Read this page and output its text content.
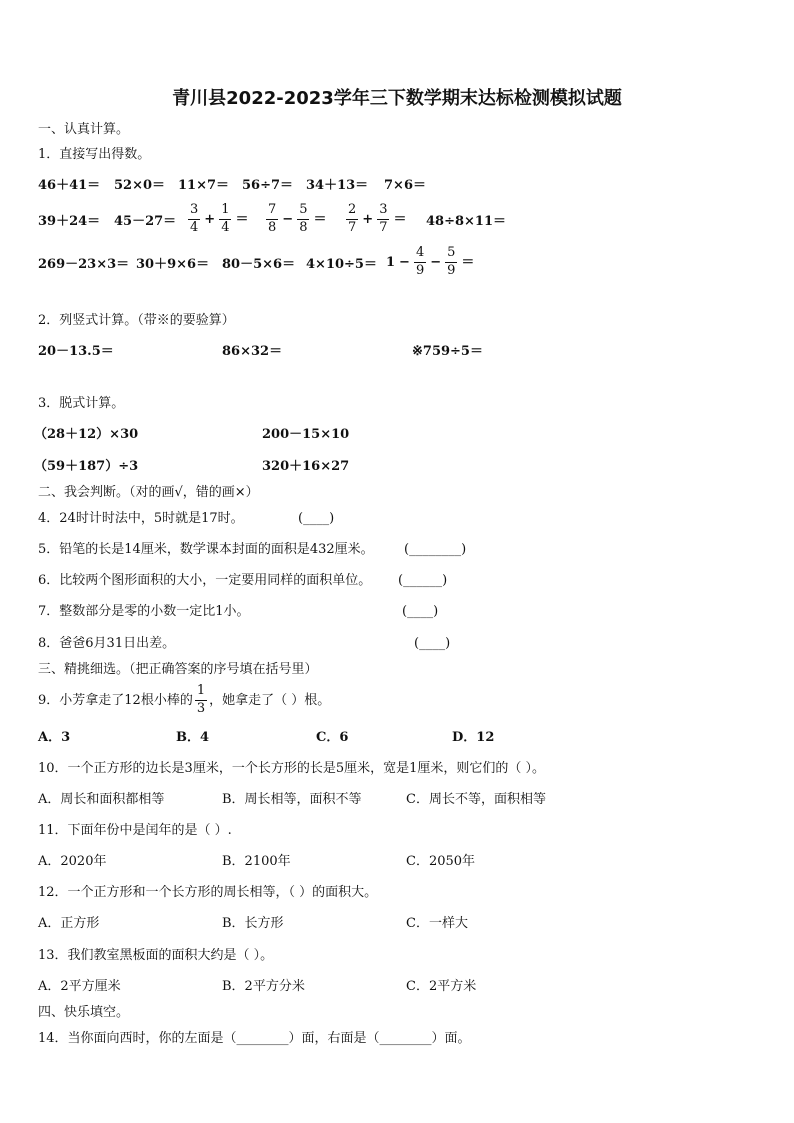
青川县2022-2023学年三下数学期末达标检测模拟试题
一、认真计算。
1．直接写出得数。
46＋41＝ 52×0＝ 11×7＝ 56÷7＝ 34＋13＝ 7×6＝
$39+24= 45-27= \frac{3}{4} + \frac{1}{4} = \frac{7}{8} - \frac{5}{8} = \frac{2}{7} + \frac{3}{7} = 48\div 8\times 11=$
$269-23\times 3= 30+9\times 6= 80-5\times 6= 4\times 10\div 5= 1 - \frac{4}{9} - \frac{5}{9}$ ＝
2．列竖式计算。（带※的要验算）
20－13.5＝	86×32＝	※759÷5＝
3．脱式计算。
（28＋12）×30	200－15×10
（59＋187）÷3	320＋16×27
二、我会判断。（对的画√，错的画×）
4．24时计时法中，5时就是17时。	(____)
5．铅笔的长是14厘米，数学课本封面的面积是432厘米。 (________)
6．比较两个图形面积的大小，一定要用同样的面积单位。 (______)
7．整数部分是零的小数一定比1小。	(____)
8．爸爸6月31日出差。	(____)
三、精挑细选。（把正确答案的序号填在括号里）
9．小芳拿走了12根小棒的 $\frac{1}{3}$ ，她拿走了（ ）根。
A．3	B．4	C．6	D．12
10．一个正方形的边长是3厘米，一个长方形的长是5厘米，宽是1厘米，则它们的（ ）。
A．周长和面积都相等	B．周长相等，面积不等	C．周长不等，面积相等
11．下面年份中是闰年的是（ ）.
A．2020年	B．2100年	C．2050年
12．一个正方形和一个长方形的周长相等，（ ）的面积大。
A．正方形	B．长方形	C．一样大
13．我们教室黑板面的面积大约是（ ）。
A．2平方厘米	B．2平方分米	C．2平方米
四、快乐填空。
14．当你面向西时，你的左面是（________）面，右面是（________）面。
